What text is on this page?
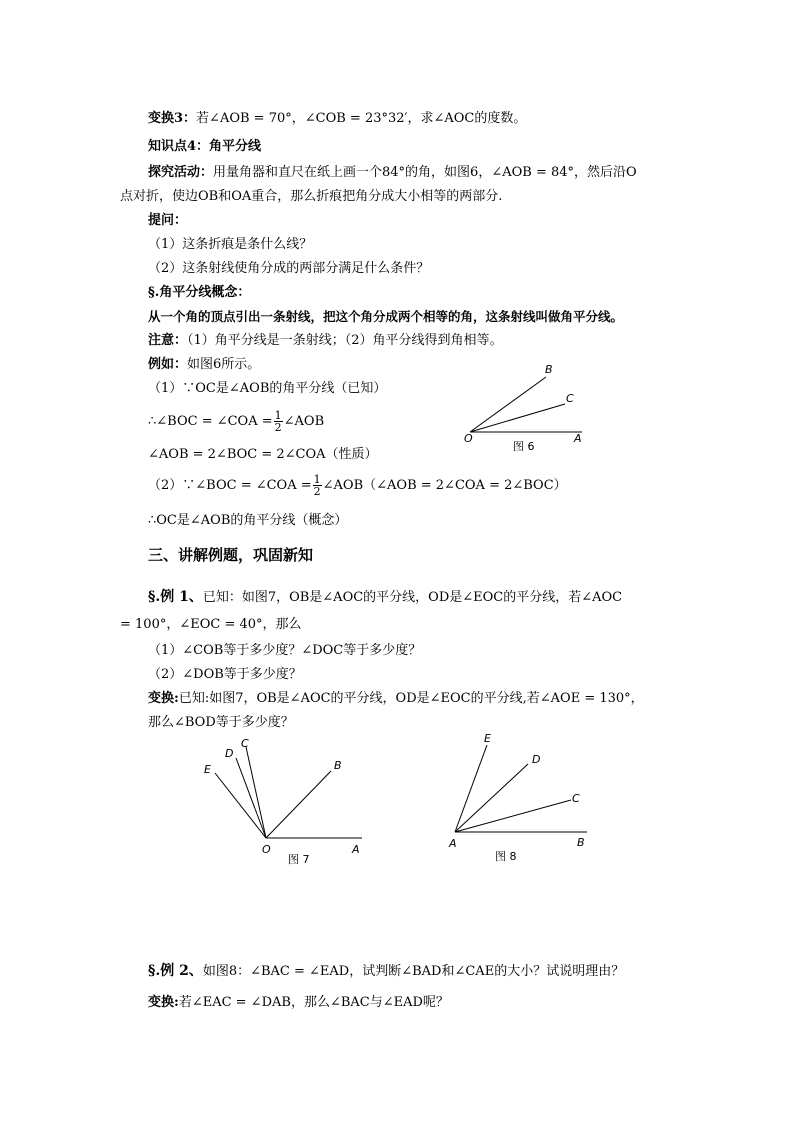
变换3：若∠AOB = 70°，∠COB = 23°32′，求∠AOC的度数。
知识点4：角平分线
探究活动：用量角器和直尺在纸上画一个84°的角，如图6，∠AOB = 84°，然后沿O
点对折，使边OB和OA重合，那么折痕把角分成大小相等的两部分.
提问：
（1）这条折痕是条什么线？
（2）这条射线使角分成的两部分满足什么条件？
§.角平分线概念：
从一个角的顶点引出一条射线，把这个角分成两个相等的角，这条射线叫做角平分线。
注意：（1）角平分线是一条射线；（2）角平分线得到角相等。
例如：如图6所示。
（1）∵OC是∠AOB的角平分线（已知）
∴∠BOC = ∠COA = $\frac{1}{2}$ ∠AOB
∠AOB = 2∠BOC = 2∠COA（性质）
（2）∵∠BOC = ∠COA = $\frac{1}{2}$ ∠AOB（∠AOB = 2∠COA = 2∠BOC）
∴OC是∠AOB的角平分线（概念）
三、讲解例题，巩固新知
§.例 1、已知：如图7，OB是∠AOC的平分线，OD是∠EOC的平分线，若∠AOC
= 100°，∠EOC = 40°，那么
（1）∠COB等于多少度？∠DOC等于多少度？
（2）∠DOB等于多少度？
变换:已知:如图7，OB是∠AOC的平分线，OD是∠EOC的平分线,若∠AOE = 130°，
那么∠BOD等于多少度？
§.例 2、如图8：∠BAC = ∠EAD，试判断∠BAD和∠CAE的大小？试说明理由？
变换:若∠EAC = ∠DAB，那么∠BAC与∠EAD呢？
O	A
B
C
图 6
O	A
B
C
D
E
图 7
A	B
C
D
E
图 8
